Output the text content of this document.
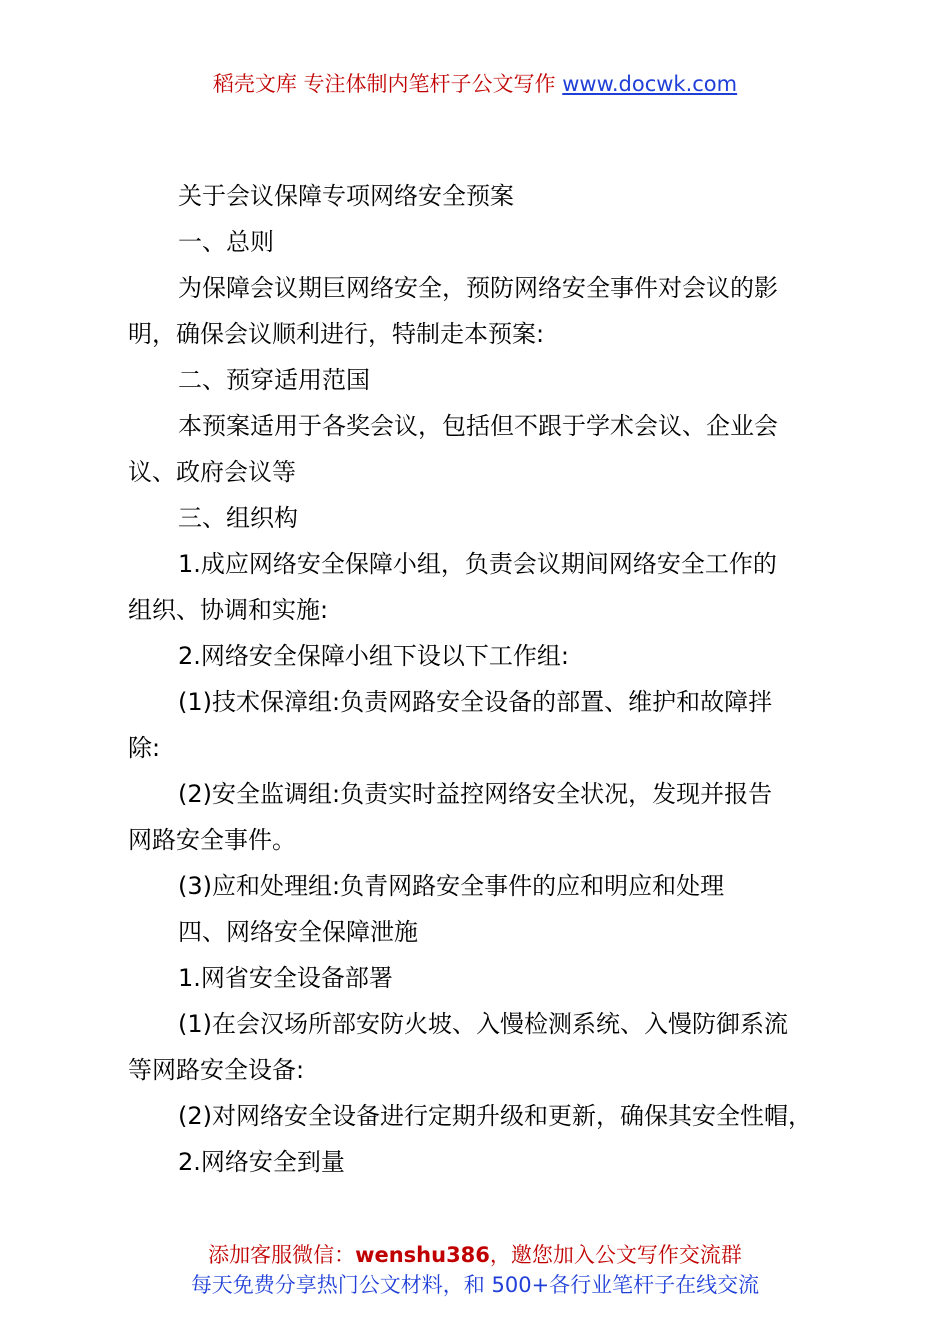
稻壳文库 专注体制内笔杆子公文写作 www.docwk.com
关于会议保障专项网络安全预案
一、总则
为保障会议期巨网络安全，预防网络安全事件对会议的影
明，确保会议顺利进行，特制走本预案:
二、预穿适用范国
本预案适用于各奖会议，包括但不跟于学术会议、企业会
议、政府会议等
三、组织构
1.成应网络安全保障小组，负责会议期间网络安全工作的
组织、协调和实施:
2.网络安全保障小组下设以下工作组:
(1)技术保漳组:负责网路安全设备的部置、维护和故障拌
除:
(2)安全监调组:负责实时益控网络安全状况，发现并报告
网路安全事件。
(3)应和处理组:负青网路安全事件的应和明应和处理
四、网络安全保障泄施
1.网省安全设备部署
(1)在会汉场所部安防火坡、入慢检测系统、入慢防御系流
等网路安全设备:
(2)对网络安全设备进行定期升级和更新，确保其安全性帽，
2.网络安全到量
添加客服微信：wenshu386，邀您加入公文写作交流群
每天免费分享热门公文材料，和 500+各行业笔杆子在线交流
